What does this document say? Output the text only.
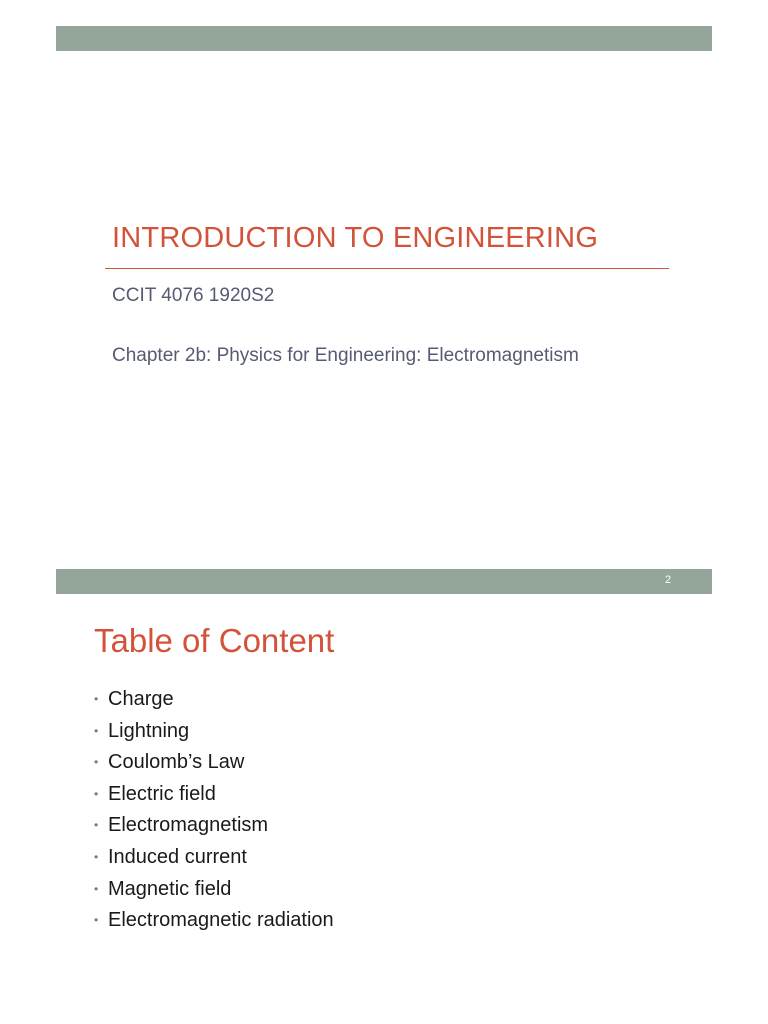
INTRODUCTION TO ENGINEERING
CCIT 4076 1920S2
Chapter 2b: Physics for Engineering: Electromagnetism
2
Table of Content
• Charge
• Lightning
• Coulomb’s Law
• Electric field
• Electromagnetism
• Induced current
• Magnetic field
• Electromagnetic radiation
